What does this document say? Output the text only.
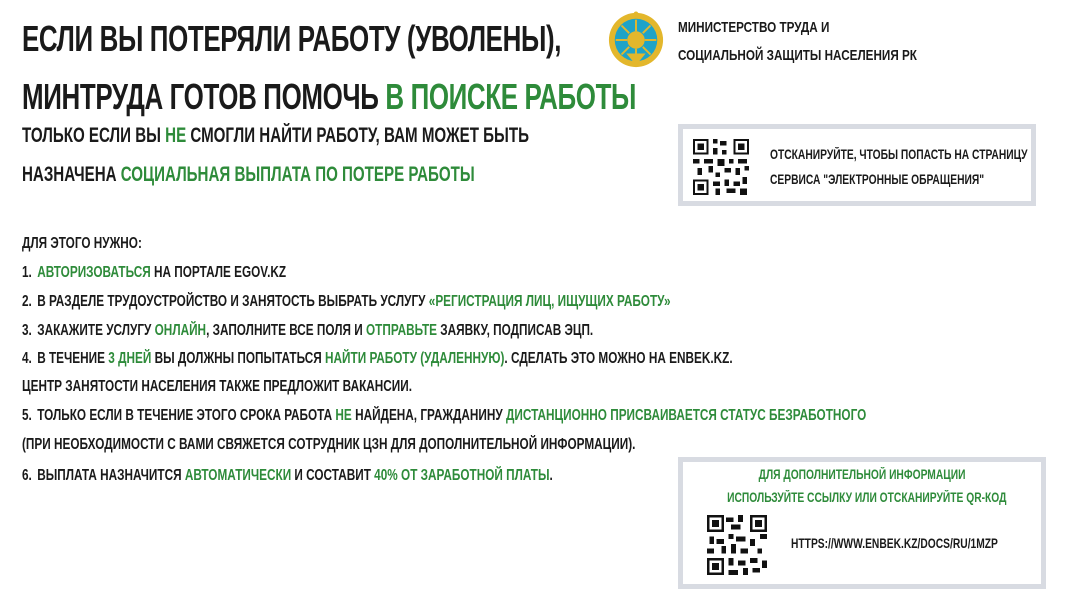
ЕСЛИ ВЫ ПОТЕРЯЛИ РАБОТУ (УВОЛЕНЫ),
МИНТРУДА ГОТОВ ПОМОЧЬ В ПОИСКЕ РАБОТЫ
ТОЛЬКО ЕСЛИ ВЫ НЕ СМОГЛИ НАЙТИ РАБОТУ, ВАМ МОЖЕТ БЫТЬ
НАЗНАЧЕНА СОЦИАЛЬНАЯ ВЫПЛАТА ПО ПОТЕРЕ РАБОТЫ
МИНИСТЕРСТВО ТРУДА И
СОЦИАЛЬНОЙ ЗАЩИТЫ НАСЕЛЕНИЯ РК
ОТСКАНИРУЙТЕ, ЧТОБЫ ПОПАСТЬ НА СТРАНИЦУ
СЕРВИСА "ЭЛЕКТРОННЫЕ ОБРАЩЕНИЯ"
ДЛЯ ЭТОГО НУЖНО:
1. АВТОРИЗОВАТЬСЯ НА ПОРТАЛЕ EGOV.KZ
2. В РАЗДЕЛЕ ТРУДОУСТРОЙСТВО И ЗАНЯТОСТЬ ВЫБРАТЬ УСЛУГУ «РЕГИСТРАЦИЯ ЛИЦ, ИЩУЩИХ РАБОТУ»
3. ЗАКАЖИТЕ УСЛУГУ ОНЛАЙН, ЗАПОЛНИТЕ ВСЕ ПОЛЯ И ОТПРАВЬТЕ ЗАЯВКУ, ПОДПИСАВ ЭЦП.
4. В ТЕЧЕНИЕ 3 ДНЕЙ ВЫ ДОЛЖНЫ ПОПЫТАТЬСЯ НАЙТИ РАБОТУ (УДАЛЕННУЮ). СДЕЛАТЬ ЭТО МОЖНО НА ENBEK.KZ.
ЦЕНТР ЗАНЯТОСТИ НАСЕЛЕНИЯ ТАКЖЕ ПРЕДЛОЖИТ ВАКАНСИИ.
5. ТОЛЬКО ЕСЛИ В ТЕЧЕНИЕ ЭТОГО СРОКА РАБОТА НЕ НАЙДЕНА, ГРАЖДАНИНУ ДИСТАНЦИОННО ПРИСВАИВАЕТСЯ СТАТУС БЕЗРАБОТНОГО
(ПРИ НЕОБХОДИМОСТИ С ВАМИ СВЯЖЕТСЯ СОТРУДНИК ЦЗН ДЛЯ ДОПОЛНИТЕЛЬНОЙ ИНФОРМАЦИИ).
6. ВЫПЛАТА НАЗНАЧИТСЯ АВТОМАТИЧЕСКИ И СОСТАВИТ 40% ОТ ЗАРАБОТНОЙ ПЛАТЫ.	ДЛЯ ДОПОЛНИТЕЛЬНОЙ ИНФОРМАЦИИ
ИСПОЛЬЗУЙТЕ ССЫЛКУ ИЛИ ОТСКАНИРУЙТЕ QR-КОД
HTTPS://WWW.ENBEK.KZ/DOCS/RU/1MZP
